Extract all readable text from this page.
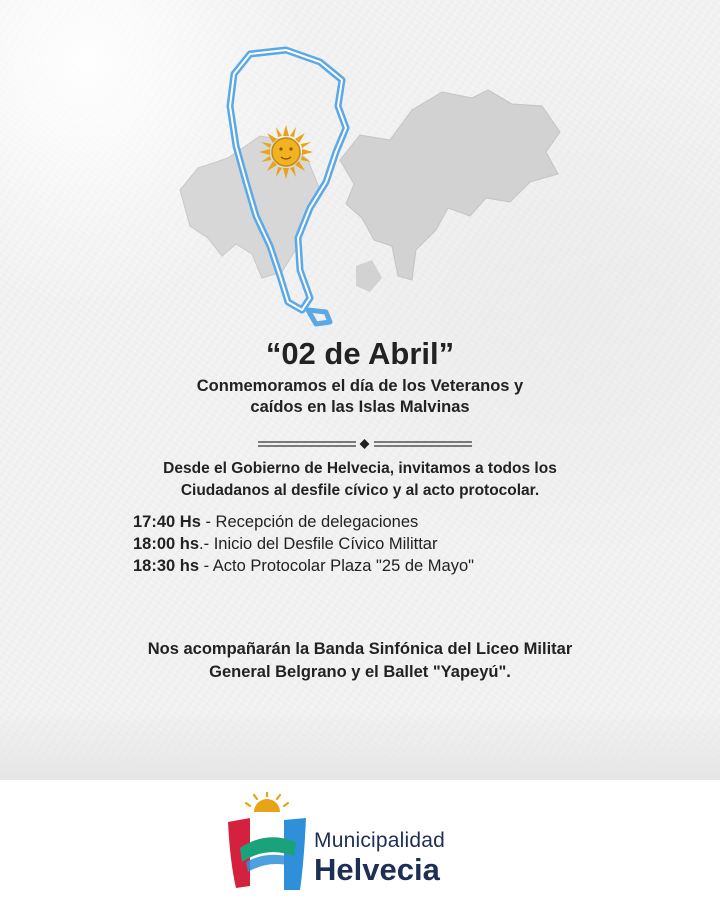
“02 de Abril”
Conmemoramos el día de los Veteranos y
caídos en las Islas Malvinas
Desde el Gobierno de Helvecia, invitamos a todos los
Ciudadanos al desfile cívico y al acto protocolar.
17:40 Hs - Recepción de delegaciones
18:00 hs.- Inicio del Desfile Cívico Milittar
18:30 hs - Acto Protocolar Plaza "25 de Mayo"
Nos acompañarán la Banda Sinfónica del Liceo Militar
General Belgrano y el Ballet "Yapeyú".
Municipalidad
Helvecia
